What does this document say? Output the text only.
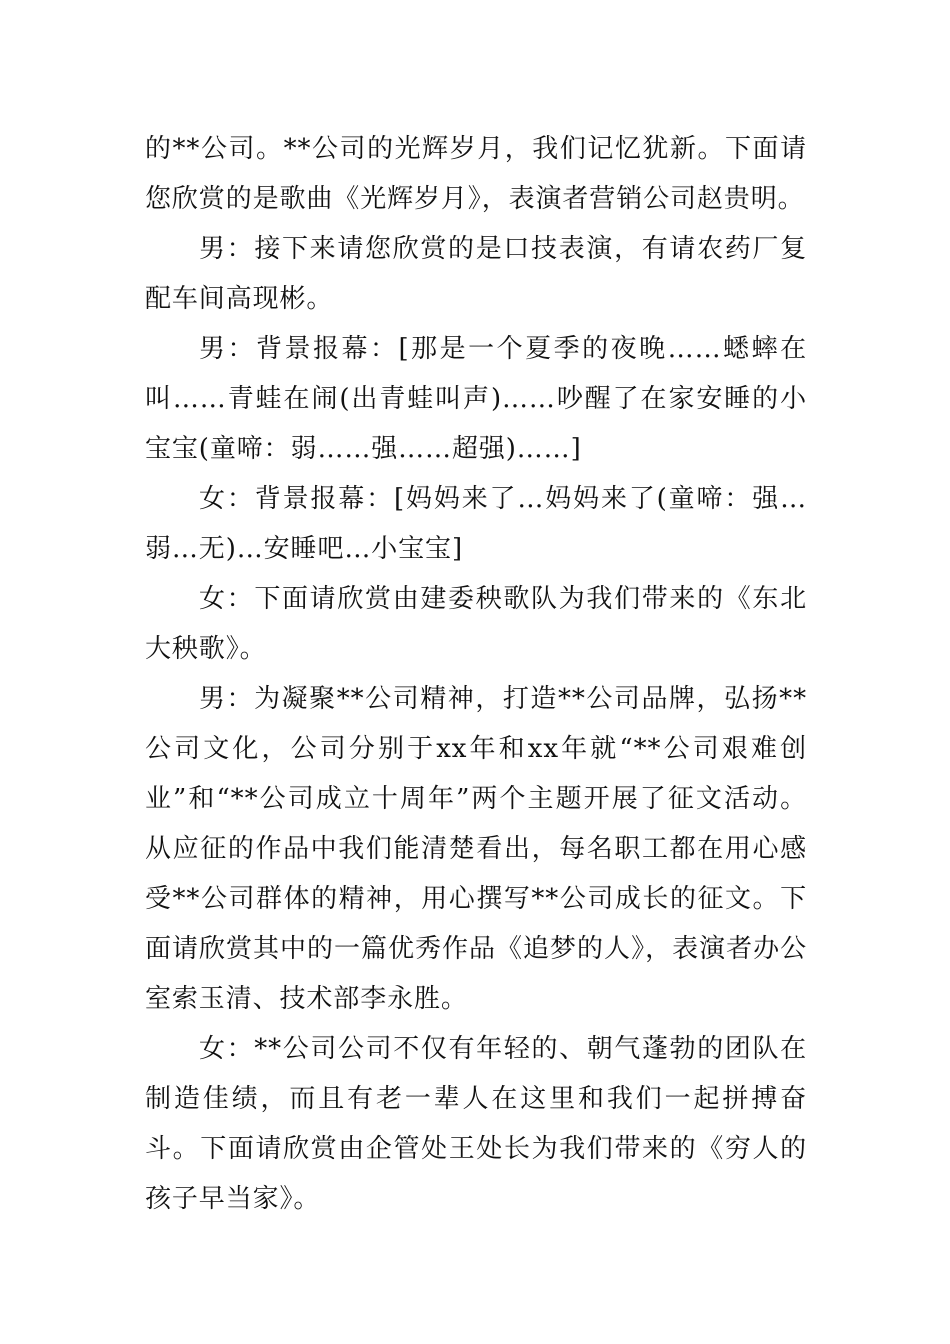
的**公司。**公司的光辉岁月，我们记忆犹新。下面请您欣赏的是歌曲《光辉岁月》，表演者营销公司赵贵明。

男：接下来请您欣赏的是口技表演，有请农药厂复配车间高现彬。

男：背景报幕：[那是一个夏季的夜晚……蟋蟀在叫……青蛙在闹(出青蛙叫声)……吵醒了在家安睡的小宝宝(童啼：弱……强……超强)……]

女：背景报幕：[妈妈来了…妈妈来了(童啼：强…弱…无)…安睡吧…小宝宝]

女：下面请欣赏由建委秧歌队为我们带来的《东北大秧歌》。

男：为凝聚**公司精神，打造**公司品牌，弘扬**公司文化，公司分别于xx年和xx年就“**公司艰难创业”和“**公司成立十周年”两个主题开展了征文活动。从应征的作品中我们能清楚看出，每名职工都在用心感受**公司群体的精神，用心撰写**公司成长的征文。下面请欣赏其中的一篇优秀作品《追梦的人》，表演者办公室索玉清、技术部李永胜。

女：**公司公司不仅有年轻的、朝气蓬勃的团队在制造佳绩，而且有老一辈人在这里和我们一起拼搏奋斗。下面请欣赏由企管处王处长为我们带来的《穷人的孩子早当家》。
